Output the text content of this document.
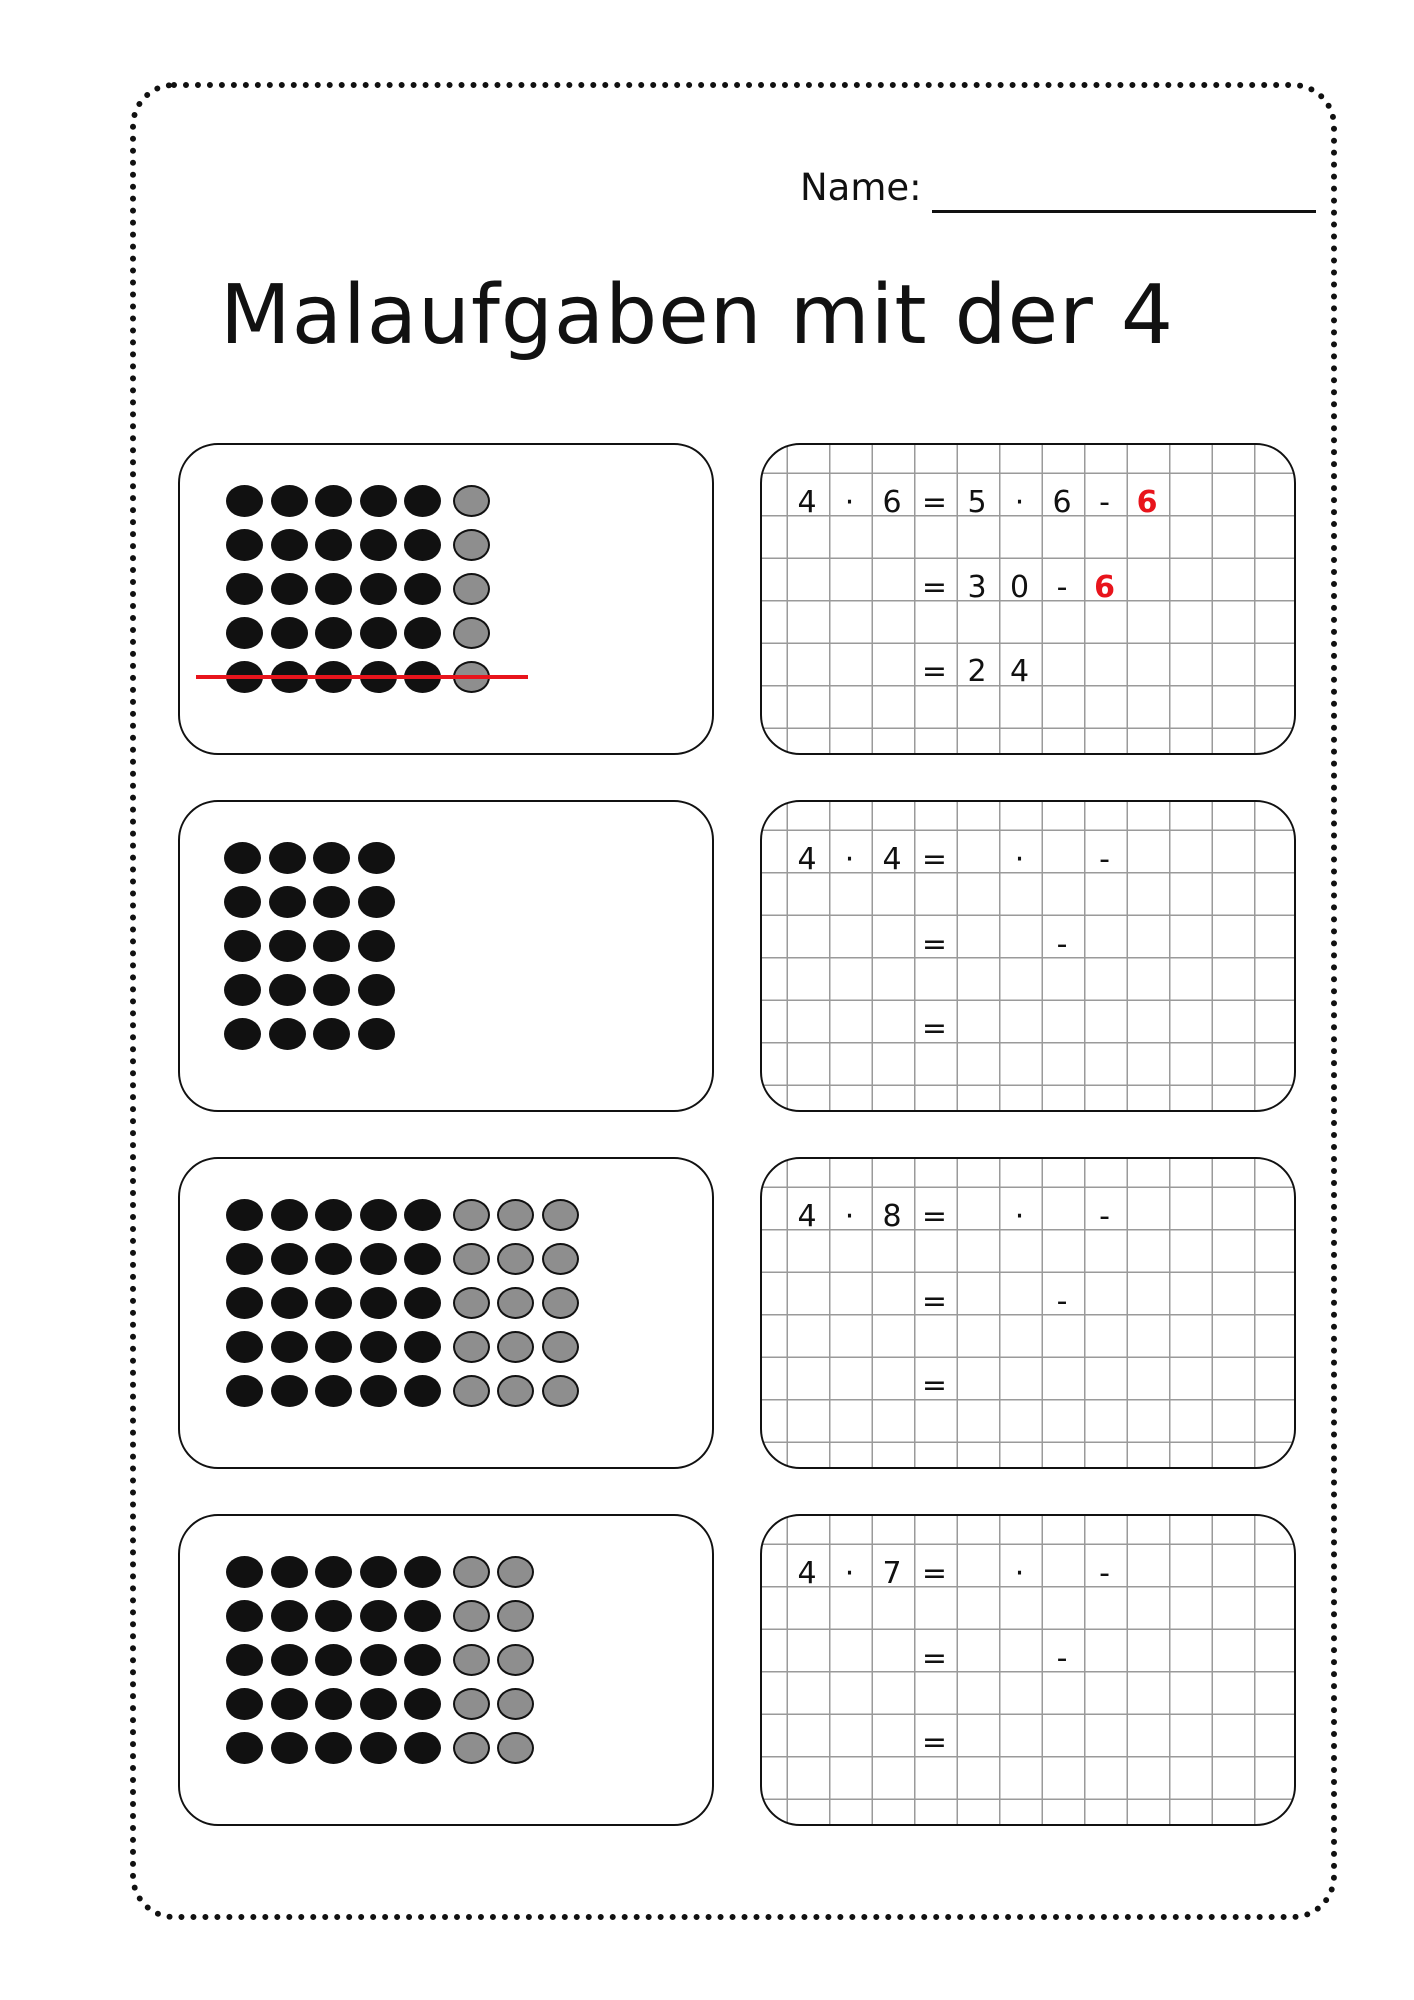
Name:
Malaufgaben mit der 4
4 · 6 = 5 · 6 - 6
= 3 0 - 6
= 2 4
4 · 4 =	·	-
=	-
=
4 · 8 =	·	-
=	-
=
4 · 7 =	·	-
=	-
=
